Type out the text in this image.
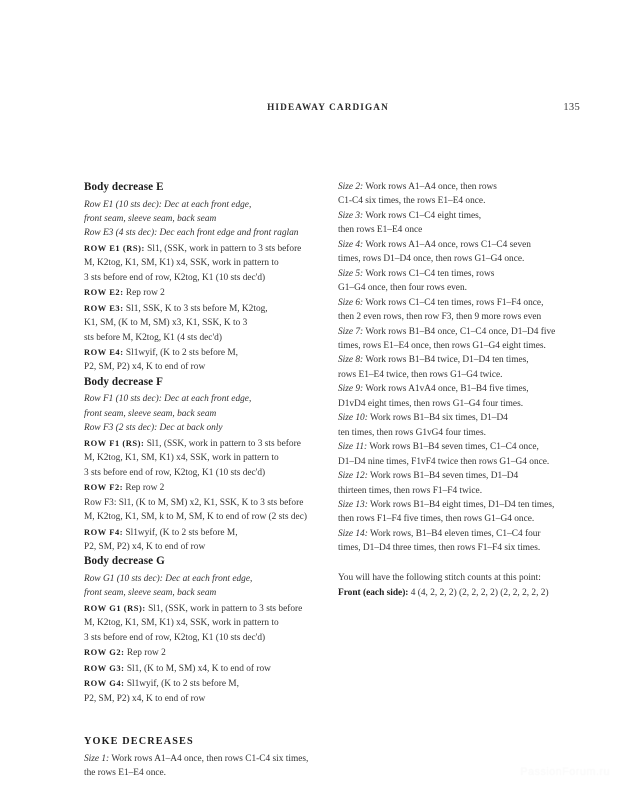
HIDEAWAY CARDIGAN	135
Body decrease E
Row E1 (10 sts dec): Dec at each front edge,
front seam, sleeve seam, back seam
Row E3 (4 sts dec): Dec each front edge and front raglan
ROW E1 (RS): Sl1, (SSK, work in pattern to 3 sts before
M, K2tog, K1, SM, K1) x4, SSK, work in pattern to
3 sts before end of row, K2tog, K1 (10 sts dec'd)
ROW E2: Rep row 2
ROW E3: Sl1, SSK, K to 3 sts before M, K2tog,
K1, SM, (K to M, SM) x3, K1, SSK, K to 3
sts before M, K2tog, K1 (4 sts dec'd)
ROW E4: Sl1wyif, (K to 2 sts before M,
P2, SM, P2) x4, K to end of row
Body decrease F
Row F1 (10 sts dec): Dec at each front edge,
front seam, sleeve seam, back seam
Row F3 (2 sts dec): Dec at back only
ROW F1 (RS): Sl1, (SSK, work in pattern to 3 sts before
M, K2tog, K1, SM, K1) x4, SSK, work in pattern to
3 sts before end of row, K2tog, K1 (10 sts dec'd)
ROW F2: Rep row 2
Row F3: Sl1, (K to M, SM) x2, K1, SSK, K to 3 sts before
M, K2tog, K1, SM, k to M, SM, K to end of row (2 sts dec)
ROW F4: Sl1wyif, (K to 2 sts before M,
P2, SM, P2) x4, K to end of row
Body decrease G
Row G1 (10 sts dec): Dec at each front edge,
front seam, sleeve seam, back seam
ROW G1 (RS): Sl1, (SSK, work in pattern to 3 sts before
M, K2tog, K1, SM, K1) x4, SSK, work in pattern to
3 sts before end of row, K2tog, K1 (10 sts dec'd)
ROW G2: Rep row 2
ROW G3: Sl1, (K to M, SM) x4, K to end of row
ROW G4: Sl1wyif, (K to 2 sts before M,
P2, SM, P2) x4, K to end of row
YOKE DECREASES
Size 1: Work rows A1–A4 once, then rows C1-C4 six times,
the rows E1–E4 once.
Size 2: Work rows A1–A4 once, then rows
C1-C4 six times, the rows E1–E4 once.
Size 3: Work rows C1–C4 eight times,
then rows E1–E4 once
Size 4: Work rows A1–A4 once, rows C1–C4 seven
times, rows D1–D4 once, then rows G1–G4 once.
Size 5: Work rows C1–C4 ten times, rows
G1–G4 once, then four rows even.
Size 6: Work rows C1–C4 ten times, rows F1–F4 once,
then 2 even rows, then row F3, then 9 more rows even
Size 7: Work rows B1–B4 once, C1–C4 once, D1–D4 five
times, rows E1–E4 once, then rows G1–G4 eight times.
Size 8: Work rows B1–B4 twice, D1–D4 ten times,
rows E1–E4 twice, then rows G1–G4 twice.
Size 9: Work rows A1vA4 once, B1–B4 five times,
D1vD4 eight times, then rows G1–G4 four times.
Size 10: Work rows B1–B4 six times, D1–D4
ten times, then rows G1vG4 four times.
Size 11: Work rows B1–B4 seven times, C1–C4 once,
D1–D4 nine times, F1vF4 twice then rows G1–G4 once.
Size 12: Work rows B1–B4 seven times, D1–D4
thirteen times, then rows F1–F4 twice.
Size 13: Work rows B1–B4 eight times, D1–D4 ten times,
then rows F1–F4 five times, then rows G1–G4 once.
Size 14: Work rows, B1–B4 eleven times, C1–C4 four
times, D1–D4 three times, then rows F1–F4 six times.
You will have the following stitch counts at this point:
Front (each side): 4 (4, 2, 2, 2) (2, 2, 2, 2) (2, 2, 2, 2, 2)
PassionForum.ru
